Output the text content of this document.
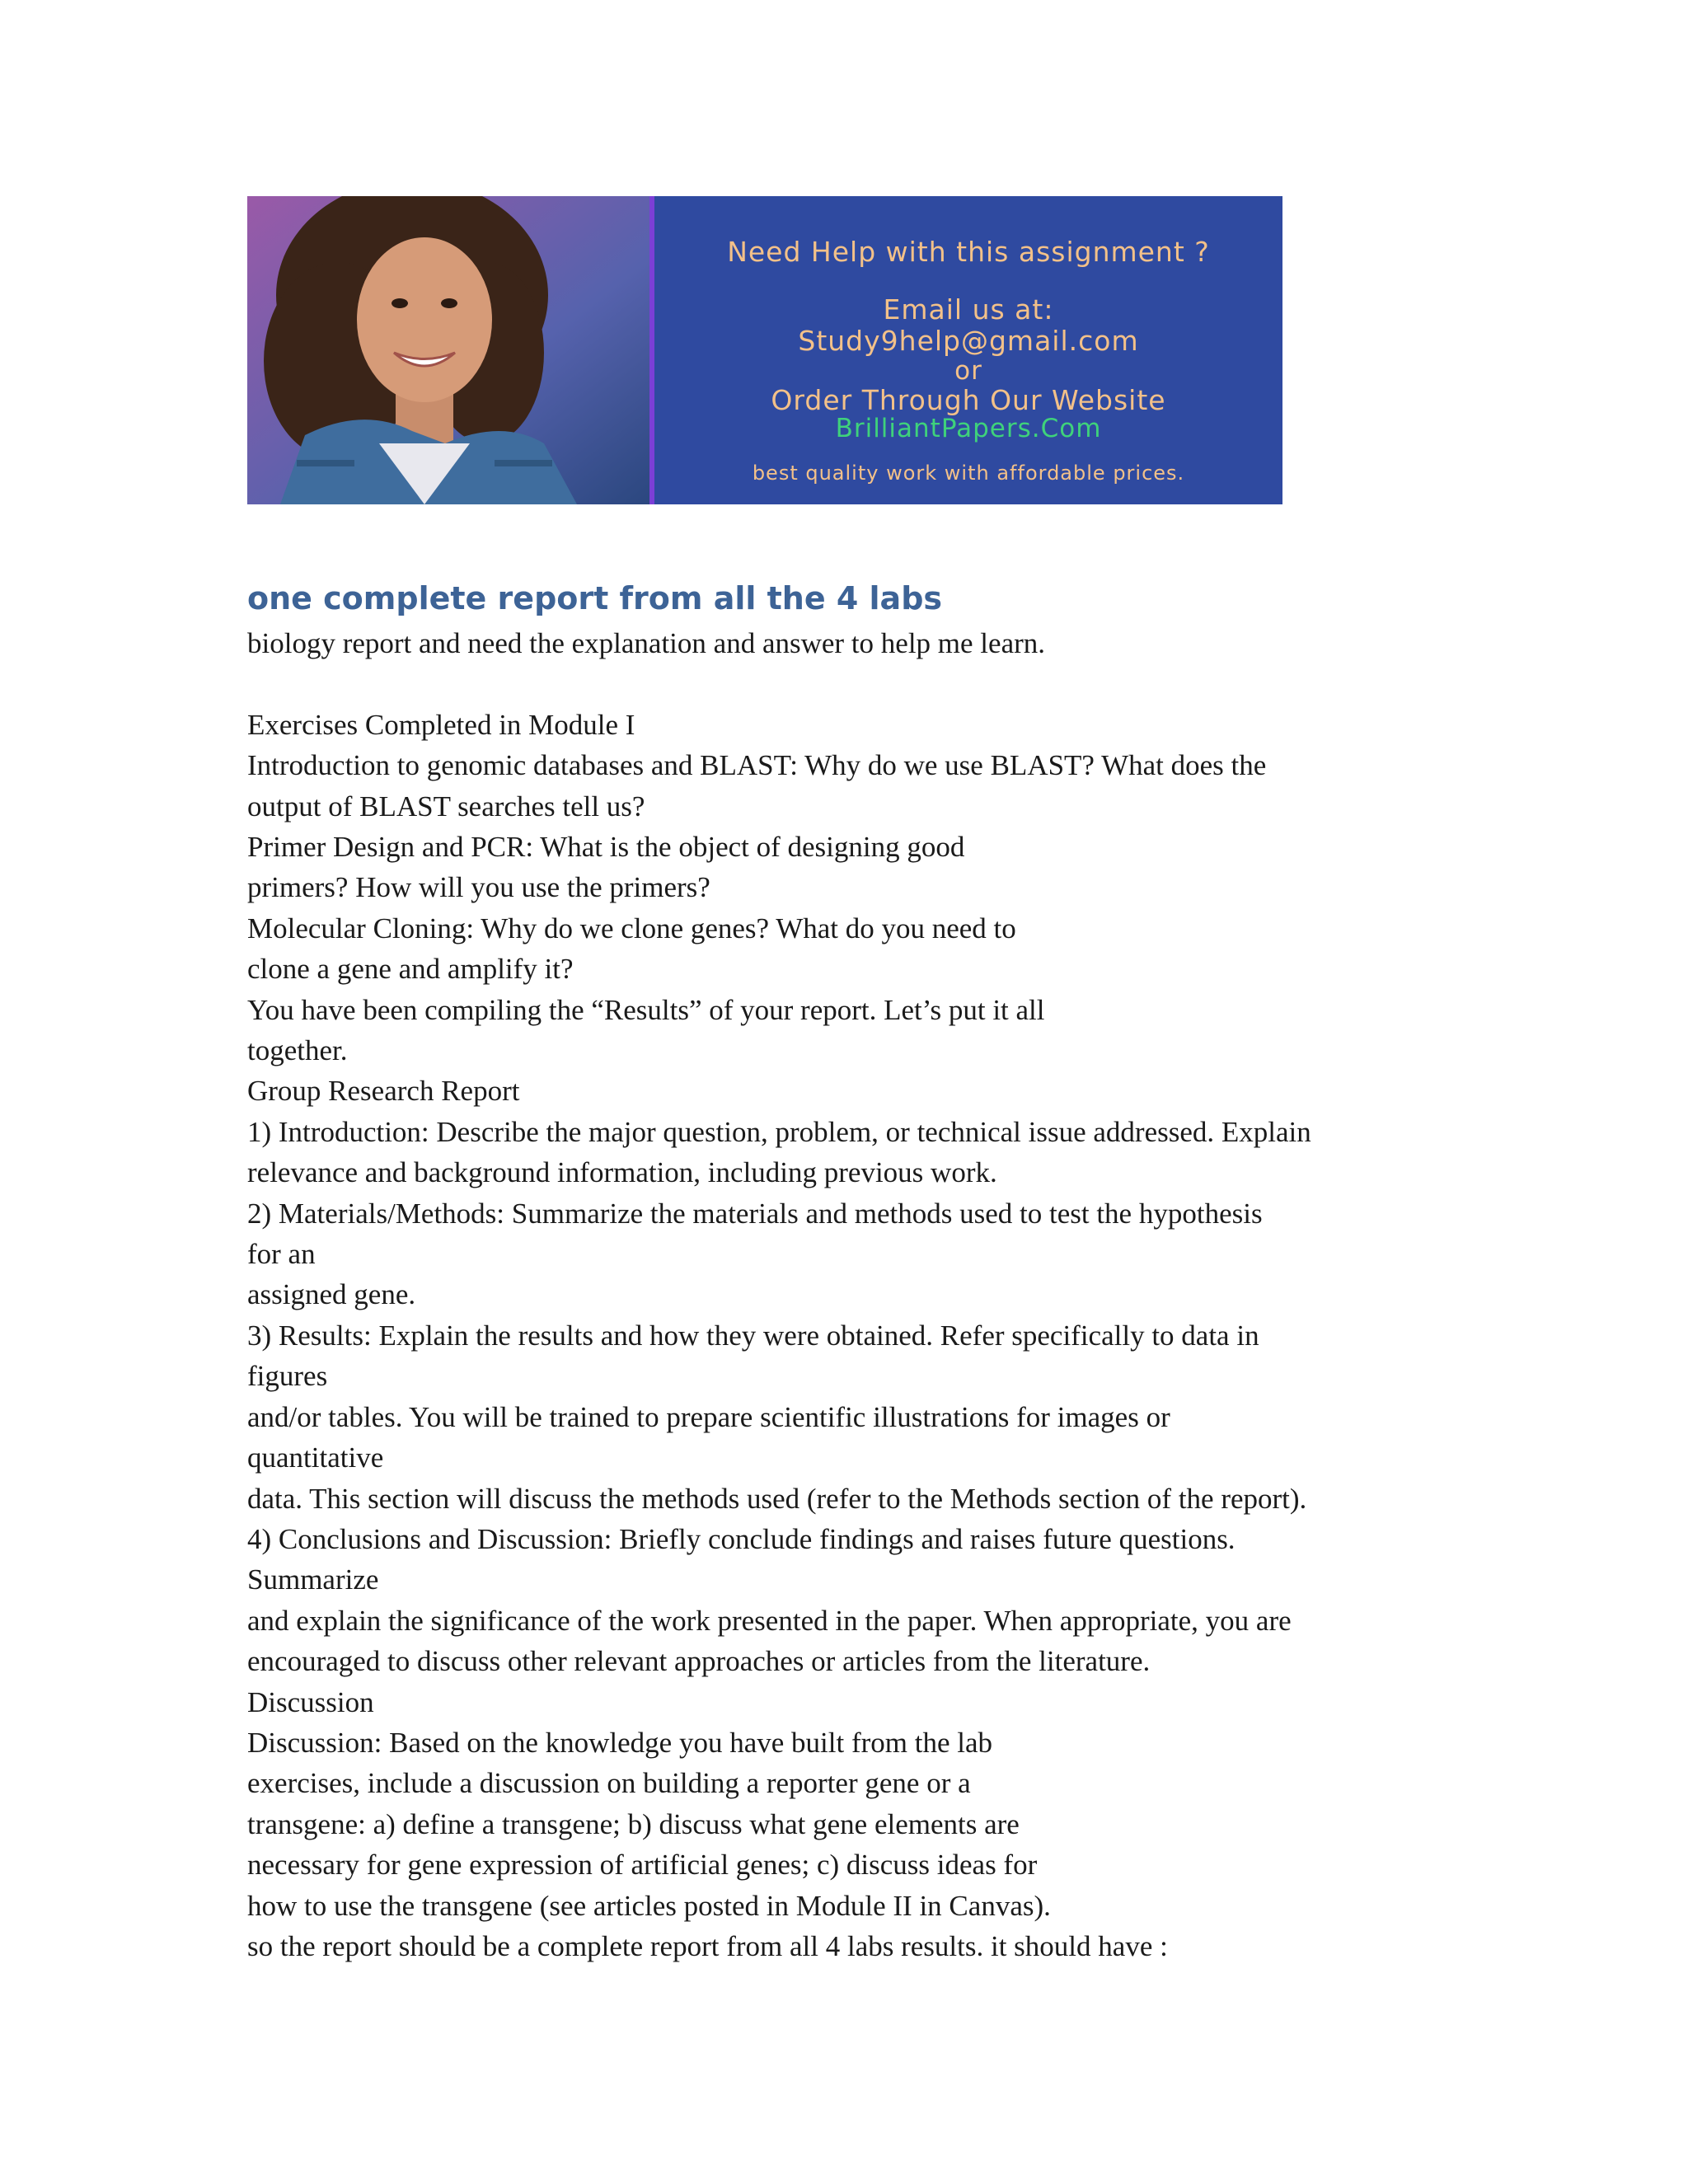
Need Help with this assignment ?
Email us at:
Study9help@gmail.com
or
Order Through Our Website
BrilliantPapers.Com
best quality work with affordable prices.
one complete report from all the 4 labs

biology report and need the explanation and answer to help me learn.

Exercises Completed in Module I

Introduction to genomic databases and BLAST: Why do we use BLAST? What does the

output of BLAST searches tell us?

Primer Design and PCR: What is the object of designing good

primers? How will you use the primers?

Molecular Cloning: Why do we clone genes? What do you need to

clone a gene and amplify it?

You have been compiling the “Results” of your report. Let’s put it all

together.

Group Research Report

1) Introduction: Describe the major question, problem, or technical issue addressed. Explain

relevance and background information, including previous work.

2) Materials/Methods: Summarize the materials and methods used to test the hypothesis

for an

assigned gene.

3) Results: Explain the results and how they were obtained. Refer specifically to data in

figures

and/or tables. You will be trained to prepare scientific illustrations for images or

quantitative

data. This section will discuss the methods used (refer to the Methods section of the report).

4) Conclusions and Discussion: Briefly conclude findings and raises future questions.

Summarize

and explain the significance of the work presented in the paper. When appropriate, you are

encouraged to discuss other relevant approaches or articles from the literature.

Discussion

Discussion: Based on the knowledge you have built from the lab

exercises, include a discussion on building a reporter gene or a

transgene: a) define a transgene; b) discuss what gene elements are

necessary for gene expression of artificial genes; c) discuss ideas for

how to use the transgene (see articles posted in Module II in Canvas).

so the report should be a complete report from all 4 labs results. it should have :
